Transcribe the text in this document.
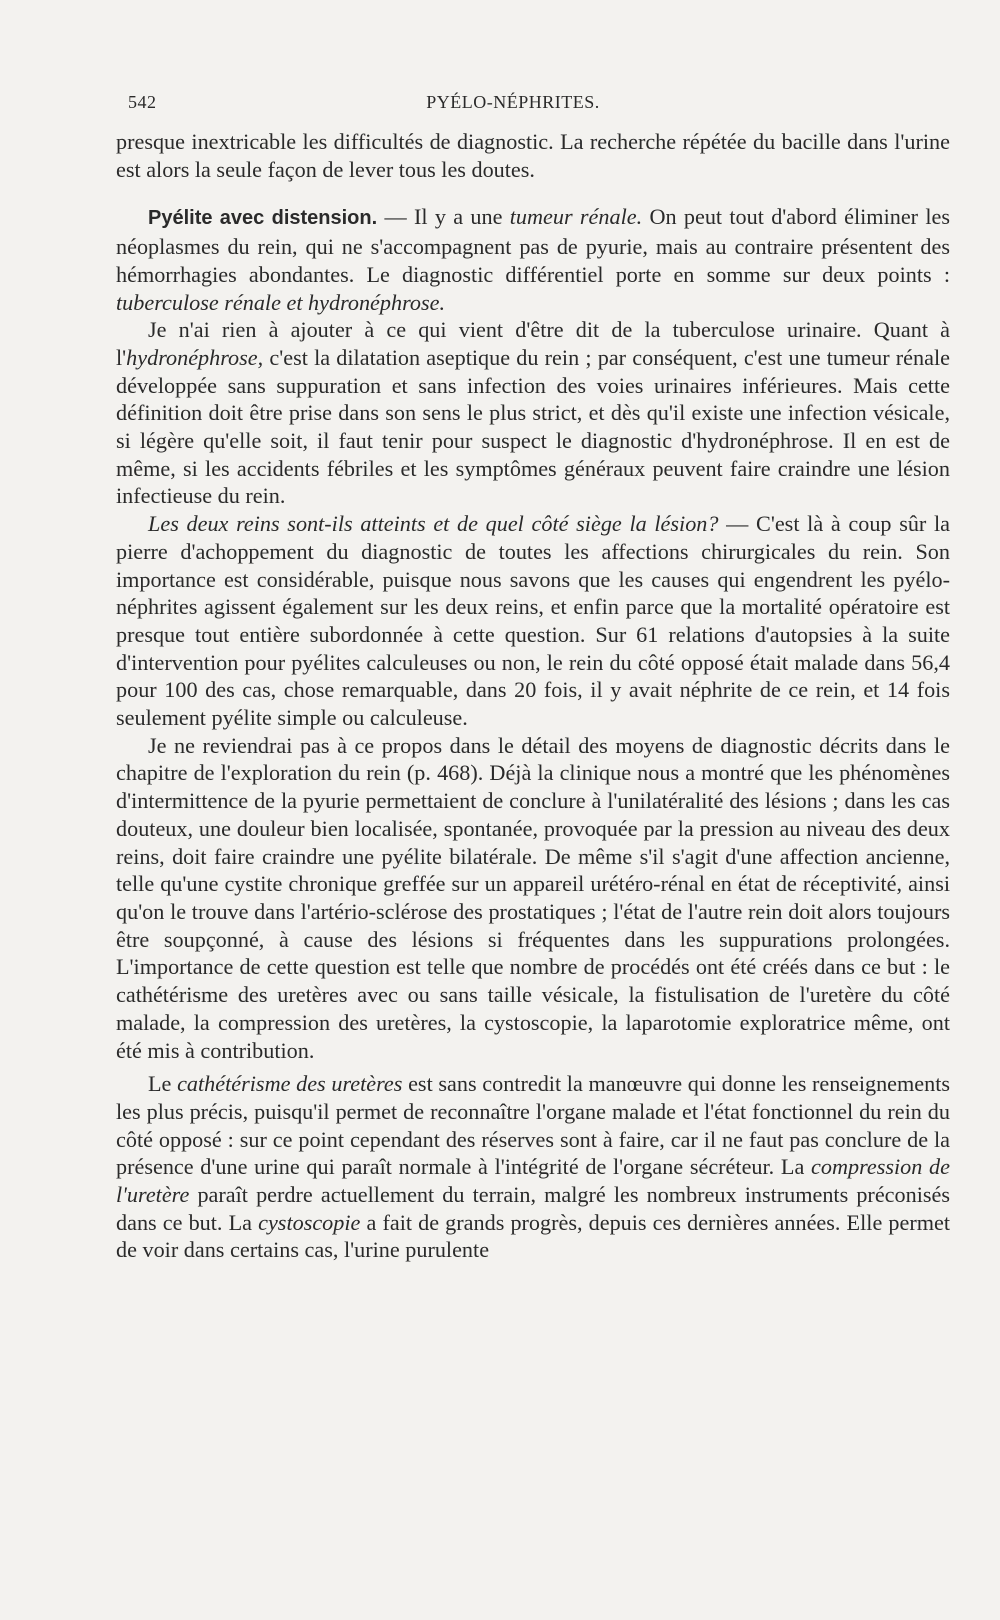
542	PYÉLO-NÉPHRITES.

presque inextricable les difficultés de diagnostic. La recherche répétée du bacille dans l'urine est alors la seule façon de lever tous les doutes.

Pyélite avec distension. — Il y a une tumeur rénale. On peut tout d'abord éliminer les néoplasmes du rein, qui ne s'accompagnent pas de pyurie, mais au contraire présentent des hémorrhagies abondantes. Le diagnostic différentiel porte en somme sur deux points : tuberculose rénale et hydronéphrose.

Je n'ai rien à ajouter à ce qui vient d'être dit de la tuberculose urinaire. Quant à l'hydronéphrose, c'est la dilatation aseptique du rein ; par conséquent, c'est une tumeur rénale développée sans suppuration et sans infection des voies urinaires inférieures. Mais cette définition doit être prise dans son sens le plus strict, et dès qu'il existe une infection vésicale, si légère qu'elle soit, il faut tenir pour suspect le diagnostic d'hydronéphrose. Il en est de même, si les accidents fébriles et les symptômes généraux peuvent faire craindre une lésion infectieuse du rein.

Les deux reins sont-ils atteints et de quel côté siège la lésion? — C'est là à coup sûr la pierre d'achoppement du diagnostic de toutes les affections chirurgicales du rein. Son importance est considérable, puisque nous savons que les causes qui engendrent les pyélo-néphrites agissent également sur les deux reins, et enfin parce que la mortalité opératoire est presque tout entière subordonnée à cette question. Sur 61 relations d'autopsies à la suite d'intervention pour pyélites calculeuses ou non, le rein du côté opposé était malade dans 56,4 pour 100 des cas, chose remarquable, dans 20 fois, il y avait néphrite de ce rein, et 14 fois seulement pyélite simple ou calculeuse.

Je ne reviendrai pas à ce propos dans le détail des moyens de diagnostic décrits dans le chapitre de l'exploration du rein (p. 468). Déjà la clinique nous a montré que les phénomènes d'intermittence de la pyurie permettaient de conclure à l'unilatéralité des lésions ; dans les cas douteux, une douleur bien localisée, spontanée, provoquée par la pression au niveau des deux reins, doit faire craindre une pyélite bilatérale. De même s'il s'agit d'une affection ancienne, telle qu'une cystite chronique greffée sur un appareil urétéro-rénal en état de réceptivité, ainsi qu'on le trouve dans l'artério-sclérose des prostatiques ; l'état de l'autre rein doit alors toujours être soupçonné, à cause des lésions si fréquentes dans les suppurations prolongées. L'importance de cette question est telle que nombre de procédés ont été créés dans ce but : le cathétérisme des uretères avec ou sans taille vésicale, la fistulisation de l'uretère du côté malade, la compression des uretères, la cystoscopie, la laparotomie exploratrice même, ont été mis à contribution.

Le cathétérisme des uretères est sans contredit la manœuvre qui donne les renseignements les plus précis, puisqu'il permet de reconnaître l'organe malade et l'état fonctionnel du rein du côté opposé : sur ce point cependant des réserves sont à faire, car il ne faut pas conclure de la présence d'une urine qui paraît normale à l'intégrité de l'organe sécréteur. La compression de l'uretère paraît perdre actuellement du terrain, malgré les nombreux instruments préconisés dans ce but. La cystoscopie a fait de grands progrès, depuis ces dernières années. Elle permet de voir dans certains cas, l'urine purulente
